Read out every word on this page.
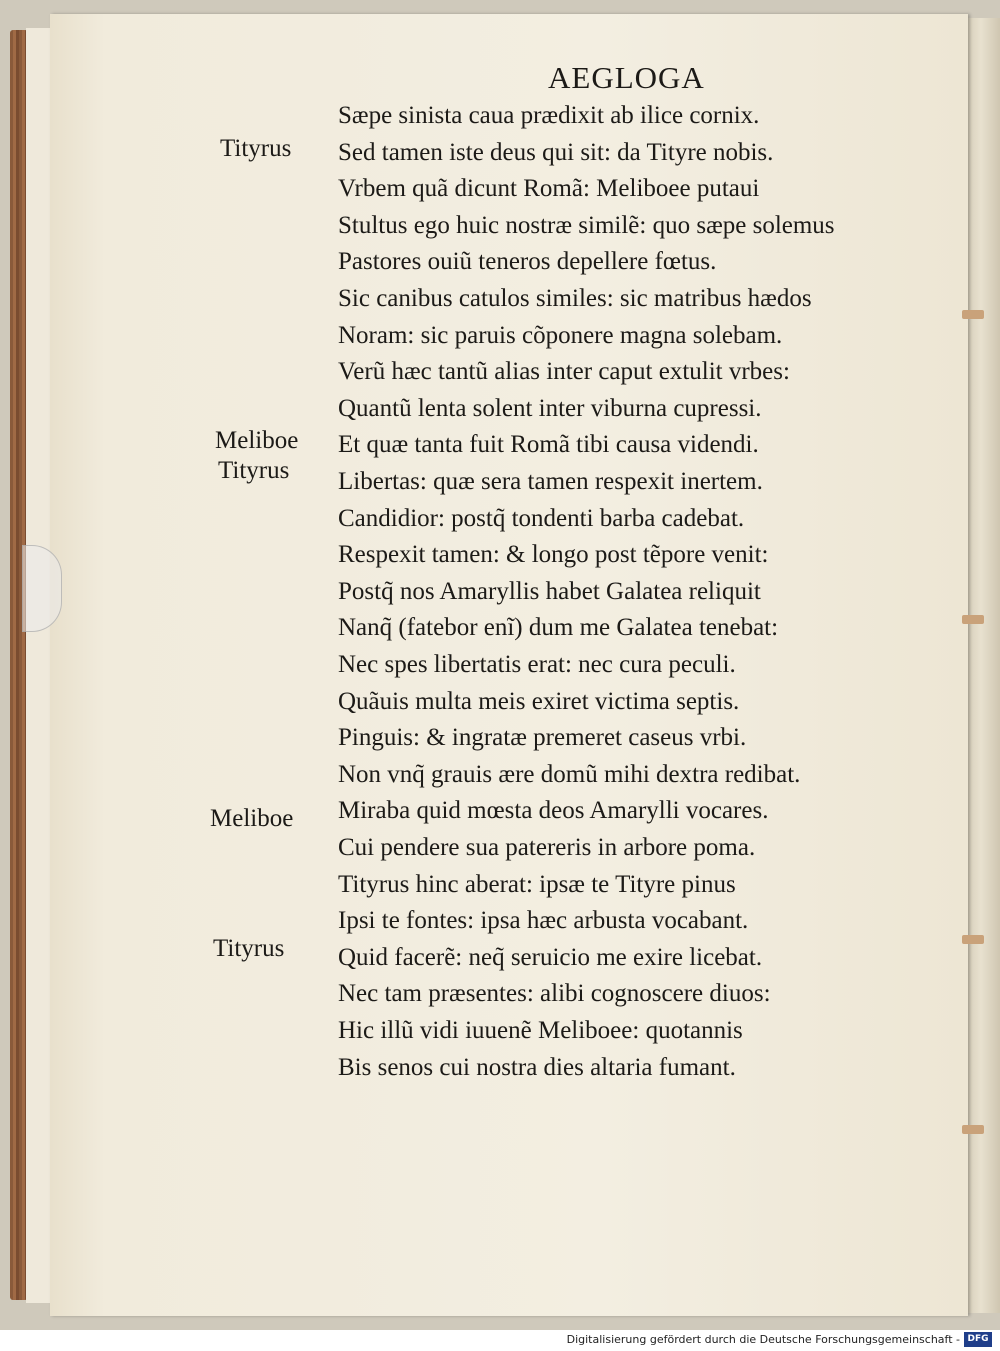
AEGLOGA
Tityrus
Meliboe
Tityrus
Meliboe
Tityrus
Sæpe sinista caua prædixit ab ilice cornix.
Sed tamen iste deus qui sit: da Tityre nobis.
Vrbem quã dicunt Romã: Meliboee putaui
Stultus ego huic nostræ similẽ: quo sæpe solemus
Pastores ouiũ teneros depellere fœtus.
Sic canibus catulos similes: sic matribus hædos
Noram: sic paruis cõponere magna solebam.
Verũ hæc tantũ alias inter caput extulit vrbes:
Quantũ lenta solent inter viburna cupressi.
Et quæ tanta fuit Romã tibi causa videndi.
Libertas: quæ sera tamen respexit inertem.
Candidior: postq̃ tondenti barba cadebat.
Respexit tamen: & longo post tẽpore venit:
Postq̃ nos Amaryllis habet Galatea reliquit
Nanq̃ (fatebor enĩ) dum me Galatea tenebat:
Nec spes libertatis erat: nec cura peculi.
Quãuis multa meis exiret victima septis.
Pinguis: & ingratæ premeret caseus vrbi.
Non vnq̃ grauis ære domũ mihi dextra redibat.
Miraba quid mœsta deos Amarylli vocares.
Cui pendere sua patereris in arbore poma.
Tityrus hinc aberat: ipsæ te Tityre pinus
Ipsi te fontes: ipsa hæc arbusta vocabant.
Quid facerẽ: neq̃ seruicio me exire licebat.
Nec tam præsentes: alibi cognoscere diuos:
Hic illũ vidi iuuenẽ Meliboee: quotannis
Bis senos cui nostra dies altaria fumant.
Digitalisierung gefördert durch die Deutsche Forschungsgemeinschaft - DFG
